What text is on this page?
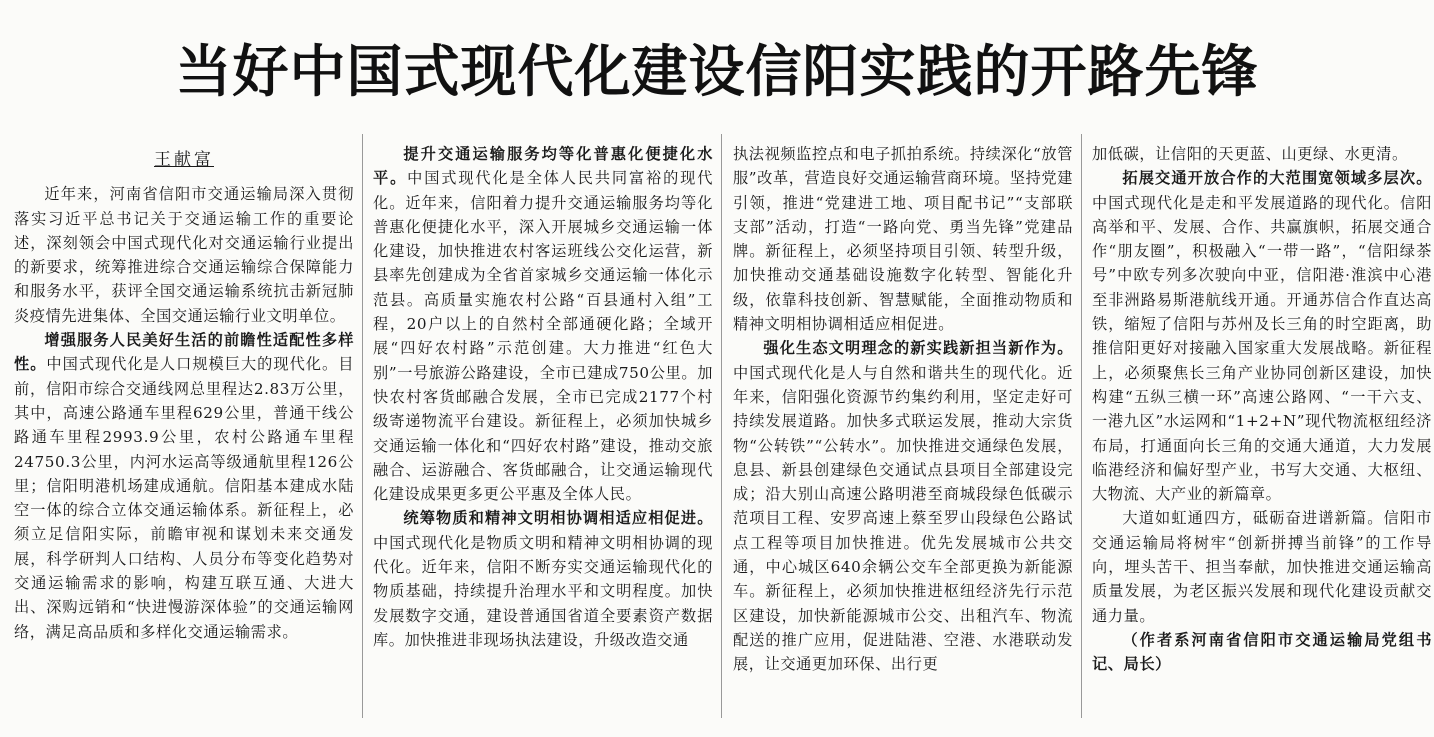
当好中国式现代化建设信阳实践的开路先锋
王献富

近年来，河南省信阳市交通运输局深入贯彻落实习近平总书记关于交通运输工作的重要论述，深刻领会中国式现代化对交通运输行业提出的新要求，统筹推进综合交通运输综合保障能力和服务水平，获评全国交通运输系统抗击新冠肺炎疫情先进集体、全国交通运输行业文明单位。

增强服务人民美好生活的前瞻性适配性多样性。中国式现代化是人口规模巨大的现代化。目前，信阳市综合交通线网总里程达2.83万公里，其中，高速公路通车里程629公里，普通干线公路通车里程2993.9公里，农村公路通车里程24750.3公里，内河水运高等级通航里程126公里；信阳明港机场建成通航。信阳基本建成水陆空一体的综合立体交通运输体系。新征程上，必须立足信阳实际，前瞻审视和谋划未来交通发展，科学研判人口结构、人员分布等变化趋势对交通运输需求的影响，构建互联互通、大进大出、深购远销和“快进慢游深体验”的交通运输网络，满足高品质和多样化交通运输需求。

提升交通运输服务均等化普惠化便捷化水平。中国式现代化是全体人民共同富裕的现代化。近年来，信阳着力提升交通运输服务均等化普惠化便捷化水平，深入开展城乡交通运输一体化建设，加快推进农村客运班线公交化运营，新县率先创建成为全省首家城乡交通运输一体化示范县。高质量实施农村公路“百县通村入组”工程，20户以上的自然村全部通硬化路；全域开展“四好农村路”示范创建。大力推进“红色大别”一号旅游公路建设，全市已建成750公里。加快农村客货邮融合发展，全市已完成2177个村级寄递物流平台建设。新征程上，必须加快城乡交通运输一体化和“四好农村路”建设，推动交旅融合、运游融合、客货邮融合，让交通运输现代化建设成果更多更公平惠及全体人民。

统筹物质和精神文明相协调相适应相促进。中国式现代化是物质文明和精神文明相协调的现代化。近年来，信阳不断夯实交通运输现代化的物质基础，持续提升治理水平和文明程度。加快发展数字交通，建设普通国省道全要素资产数据库。加快推进非现场执法建设，升级改造交通

执法视频监控点和电子抓拍系统。持续深化“放管服”改革，营造良好交通运输营商环境。坚持党建引领，推进“党建进工地、项目配书记”“支部联支部”活动，打造“一路向党、勇当先锋”党建品牌。新征程上，必须坚持项目引领、转型升级，加快推动交通基础设施数字化转型、智能化升级，依靠科技创新、智慧赋能，全面推动物质和精神文明相协调相适应相促进。

强化生态文明理念的新实践新担当新作为。中国式现代化是人与自然和谐共生的现代化。近年来，信阳强化资源节约集约利用，坚定走好可持续发展道路。加快多式联运发展，推动大宗货物“公转铁”“公转水”。加快推进交通绿色发展，息县、新县创建绿色交通试点县项目全部建设完成；沿大别山高速公路明港至商城段绿色低碳示范项目工程、安罗高速上蔡至罗山段绿色公路试点工程等项目加快推进。优先发展城市公共交通，中心城区640余辆公交车全部更换为新能源车。新征程上，必须加快推进枢纽经济先行示范区建设，加快新能源城市公交、出租汽车、物流配送的推广应用，促进陆港、空港、水港联动发展，让交通更加环保、出行更

加低碳，让信阳的天更蓝、山更绿、水更清。

拓展交通开放合作的大范围宽领域多层次。中国式现代化是走和平发展道路的现代化。信阳高举和平、发展、合作、共赢旗帜，拓展交通合作“朋友圈”，积极融入“一带一路”，“信阳绿茶号”中欧专列多次驶向中亚，信阳港·淮滨中心港至非洲路易斯港航线开通。开通苏信合作直达高铁，缩短了信阳与苏州及长三角的时空距离，助推信阳更好对接融入国家重大发展战略。新征程上，必须聚焦长三角产业协同创新区建设，加快构建“五纵三横一环”高速公路网、“一干六支、一港九区”水运网和“1+2+N”现代物流枢纽经济布局，打通面向长三角的交通大通道，大力发展临港经济和偏好型产业，书写大交通、大枢纽、大物流、大产业的新篇章。

大道如虹通四方，砥砺奋进谱新篇。信阳市交通运输局将树牢“创新拼搏当前锋”的工作导向，埋头苦干、担当奉献，加快推进交通运输高质量发展，为老区振兴发展和现代化建设贡献交通力量。

（作者系河南省信阳市交通运输局党组书记、局长）
